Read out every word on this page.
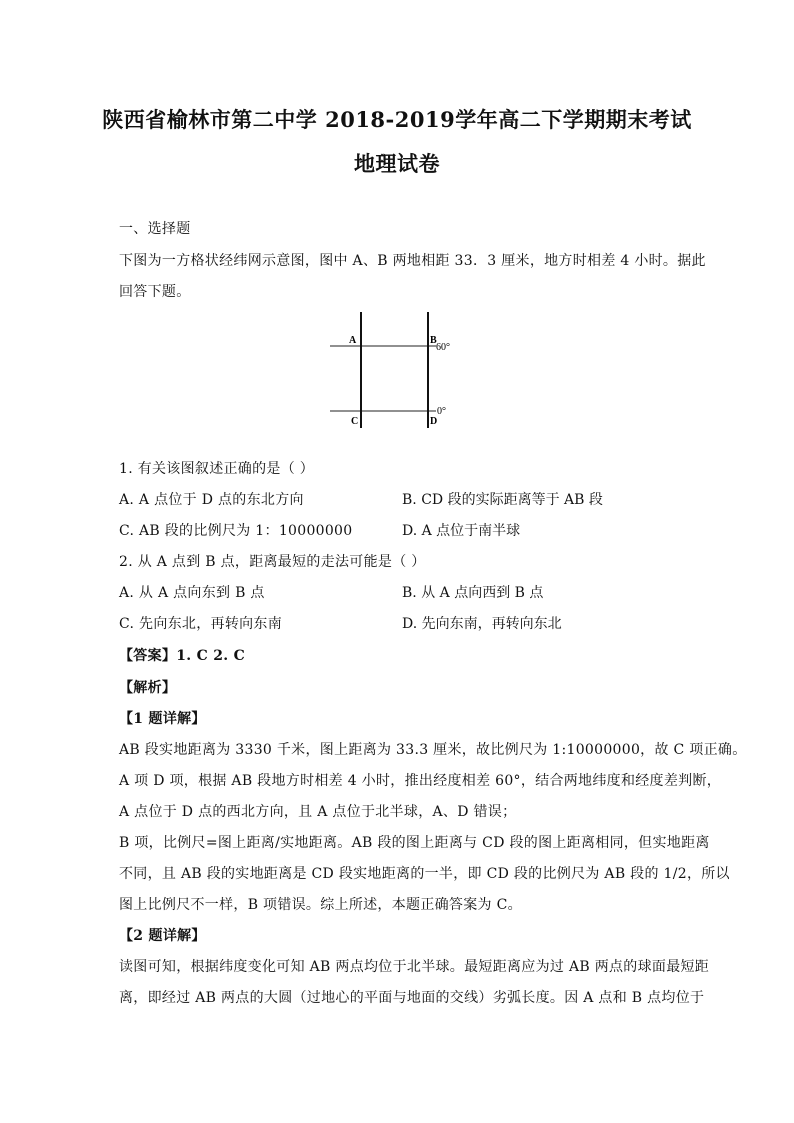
陕西省榆林市第二中学 2018-2019学年高二下学期期末考试
地理试卷
一、选择题
下图为一方格状经纬网示意图，图中 A、B 两地相距 33．3 厘米，地方时相差 4 小时。据此
回答下题。
A	B
C	D
60°
0°
1. 有关该图叙述正确的是（ ）
A. A 点位于 D 点的东北方向	B. CD 段的实际距离等于 AB 段
C. AB 段的比例尺为 1：10000000	D. A 点位于南半球
2. 从 A 点到 B 点，距离最短的走法可能是（ ）
A. 从 A 点向东到 B 点	B. 从 A 点向西到 B 点
C. 先向东北，再转向东南	D. 先向东南，再转向东北
【答案】1. C 2. C
【解析】
【1 题详解】
AB 段实地距离为 3330 千米，图上距离为 33.3 厘米，故比例尺为 1:10000000，故 C 项正确。
A 项 D 项，根据 AB 段地方时相差 4 小时，推出经度相差 60°，结合两地纬度和经度差判断，
A 点位于 D 点的西北方向，且 A 点位于北半球，A、D 错误；
B 项，比例尺=图上距离/实地距离。AB 段的图上距离与 CD 段的图上距离相同，但实地距离
不同，且 AB 段的实地距离是 CD 段实地距离的一半，即 CD 段的比例尺为 AB 段的 1/2，所以
图上比例尺不一样，B 项错误。综上所述，本题正确答案为 C。
【2 题详解】
读图可知，根据纬度变化可知 AB 两点均位于北半球。最短距离应为过 AB 两点的球面最短距
离，即经过 AB 两点的大圆（过地心的平面与地面的交线）劣弧长度。因 A 点和 B 点均位于
